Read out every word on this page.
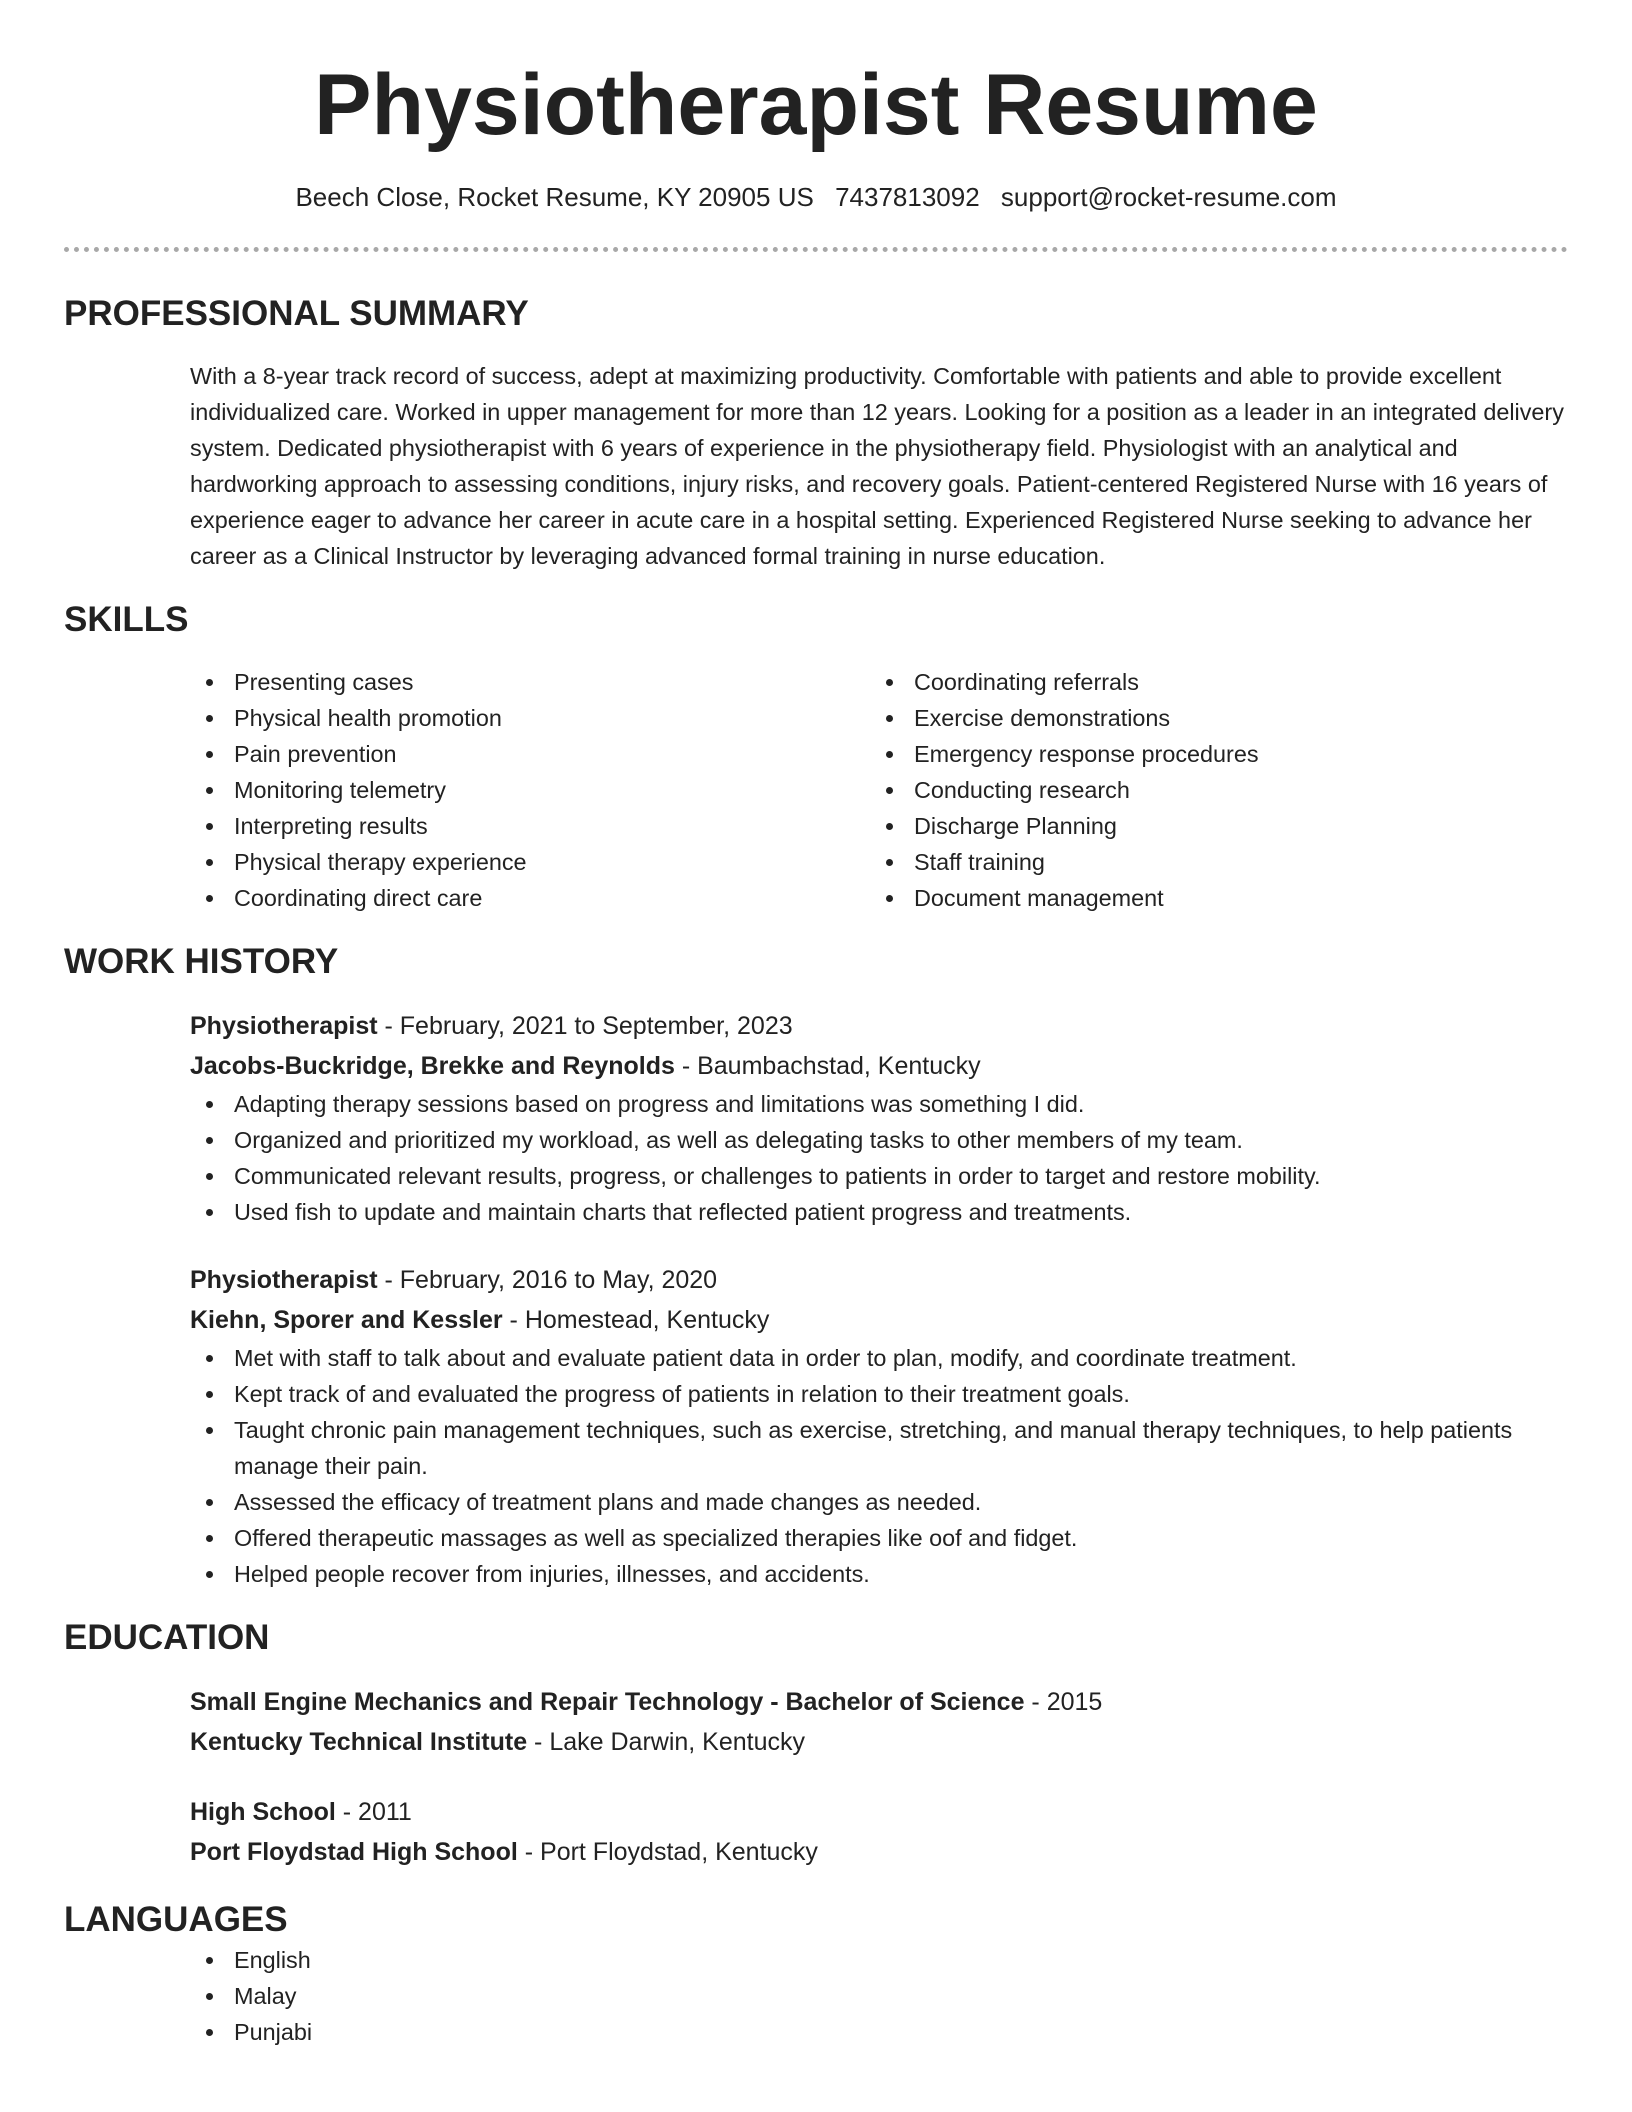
Physiotherapist Resume
Beech Close, Rocket Resume, KY 20905 US 7437813092 support@rocket-resume.com
PROFESSIONAL SUMMARY

With a 8-year track record of success, adept at maximizing productivity. Comfortable with patients and able to provide excellent individualized care. Worked in upper management for more than 12 years. Looking for a position as a leader in an integrated delivery system. Dedicated physiotherapist with 6 years of experience in the physiotherapy field. Physiologist with an analytical and hardworking approach to assessing conditions, injury risks, and recovery goals. Patient-centered Registered Nurse with 16 years of experience eager to advance her career in acute care in a hospital setting. Experienced Registered Nurse seeking to advance her career as a Clinical Instructor by leveraging advanced formal training in nurse education.

SKILLS
Presenting cases
Physical health promotion
Pain prevention
Monitoring telemetry
Interpreting results
Physical therapy experience
Coordinating direct care
Coordinating referrals
Exercise demonstrations
Emergency response procedures
Conducting research
Discharge Planning
Staff training
Document management
WORK HISTORY
Physiotherapist - February, 2021 to September, 2023
Jacobs-Buckridge, Brekke and Reynolds - Baumbachstad, Kentucky
Adapting therapy sessions based on progress and limitations was something I did.
Organized and prioritized my workload, as well as delegating tasks to other members of my team.
Communicated relevant results, progress, or challenges to patients in order to target and restore mobility.
Used fish to update and maintain charts that reflected patient progress and treatments.
Physiotherapist - February, 2016 to May, 2020
Kiehn, Sporer and Kessler - Homestead, Kentucky
Met with staff to talk about and evaluate patient data in order to plan, modify, and coordinate treatment.
Kept track of and evaluated the progress of patients in relation to their treatment goals.
Taught chronic pain management techniques, such as exercise, stretching, and manual therapy techniques, to help patients manage their pain.
Assessed the efficacy of treatment plans and made changes as needed.
Offered therapeutic massages as well as specialized therapies like oof and fidget.
Helped people recover from injuries, illnesses, and accidents.
EDUCATION
Small Engine Mechanics and Repair Technology - Bachelor of Science - 2015
Kentucky Technical Institute - Lake Darwin, Kentucky
High School - 2011
Port Floydstad High School - Port Floydstad, Kentucky
LANGUAGES
English
Malay
Punjabi
